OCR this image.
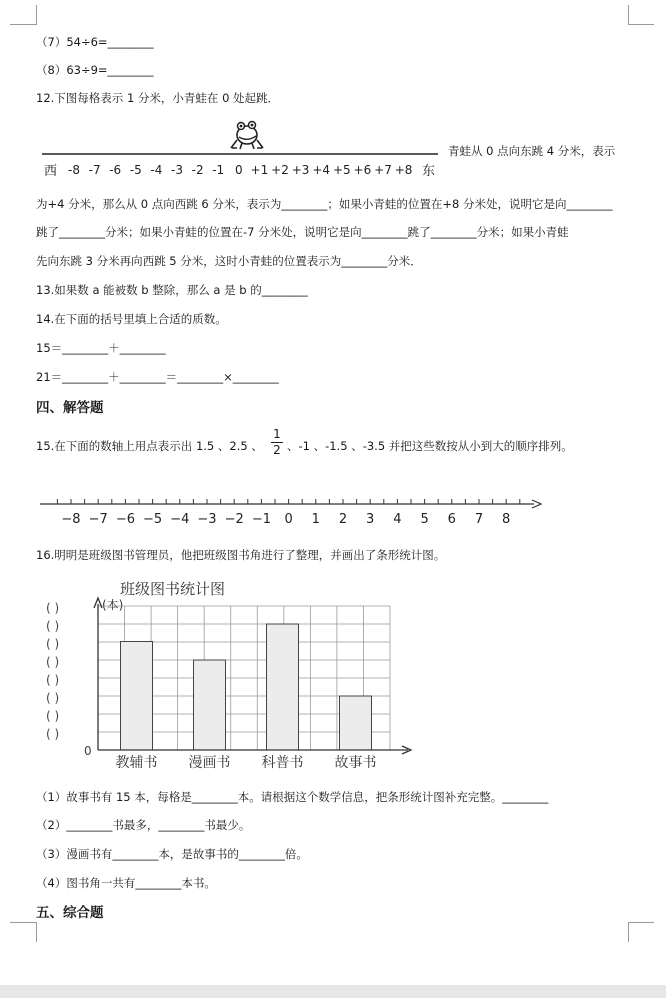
（7）54÷6=________
（8）63÷9=________
12.下图每格表示 1 分米，小青蛙在 0 处起跳．
-8 -7 -6 -5 -4 -3 -2 -1 0 +1 +2 +3 +4 +5 +6 +7 +8
西	东
青蛙从 0 点向东跳 4 分米，表示
为+4 分米，那么从 0 点向西跳 6 分米，表示为________；如果小青蛙的位置在+8 分米处，说明它是向________
跳了________分米；如果小青蛙的位置在-7 分米处，说明它是向________跳了________分米；如果小青蛙
先向东跳 3 分米再向西跳 5 分米，这时小青蛙的位置表示为________分米．
13.如果数 a 能被数 b 整除，那么 a 是 b 的________
14.在下面的括号里填上合适的质数。
15＝________＋________
21＝________＋________＝________×________
四、解答题
15.在下面的数轴上用点表示出 1.5 、2.5 、
1
2 、-1 、-1.5 、-3.5 并把这些数按从小到大的顺序排列。
−8 −7 −6 −5 −4 −3 −2 −1 0 1 2 3 4 5 6 7 8
16.明明是班级图书管理员，他把班级图书角进行了整理，并画出了条形统计图。
班级图书统计图
(本)
( )
( )
( )
( )
( )
( )
( )
( )
0
教辅书 漫画书 科普书 故事书
（1）故事书有 15 本，每格是________本。请根据这个数学信息，把条形统计图补充完整。________
（2）________书最多，________书最少。
（3）漫画书有________本，是故事书的________倍。
（4）图书角一共有________本书。
五、综合题
